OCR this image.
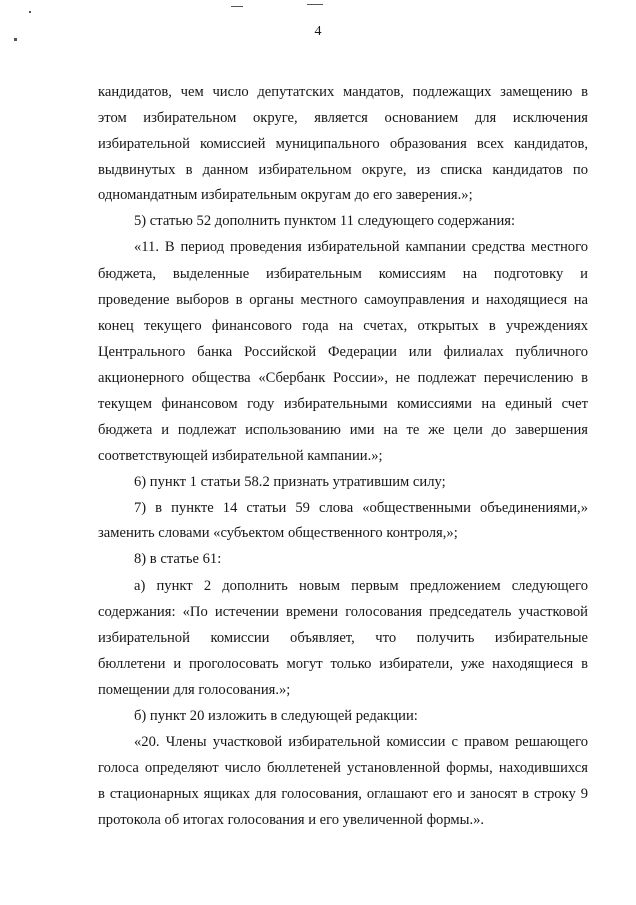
4
кандидатов, чем число депутатских мандатов, подлежащих замещению в
этом избирательном округе, является основанием для исключения
избирательной комиссией муниципального образования всех кандидатов,
выдвинутых в данном избирательном округе, из списка кандидатов по
одномандатным избирательным округам до его заверения.»;
5) статью 52 дополнить пунктом 11 следующего содержания:
«11. В период проведения избирательной кампании средства местного
бюджета, выделенные избирательным комиссиям на подготовку и
проведение выборов в органы местного самоуправления и находящиеся на
конец текущего финансового года на счетах, открытых в учреждениях
Центрального банка Российской Федерации или филиалах публичного
акционерного общества «Сбербанк России», не подлежат перечислению в
текущем финансовом году избирательными комиссиями на единый счет
бюджета и подлежат использованию ими на те же цели до завершения
соответствующей избирательной кампании.»;
6) пункт 1 статьи 58.2 признать утратившим силу;
7) в пункте 14 статьи 59 слова «общественными объединениями,»
заменить словами «субъектом общественного контроля,»;
8) в статье 61:
а) пункт 2 дополнить новым первым предложением следующего
содержания: «По истечении времени голосования председатель участковой
избирательной комиссии объявляет, что получить избирательные
бюллетени и проголосовать могут только избиратели, уже находящиеся в
помещении для голосования.»;
б) пункт 20 изложить в следующей редакции:
«20. Члены участковой избирательной комиссии с правом решающего
голоса определяют число бюллетеней установленной формы, находившихся
в стационарных ящиках для голосования, оглашают его и заносят в строку 9
протокола об итогах голосования и его увеличенной формы.».
